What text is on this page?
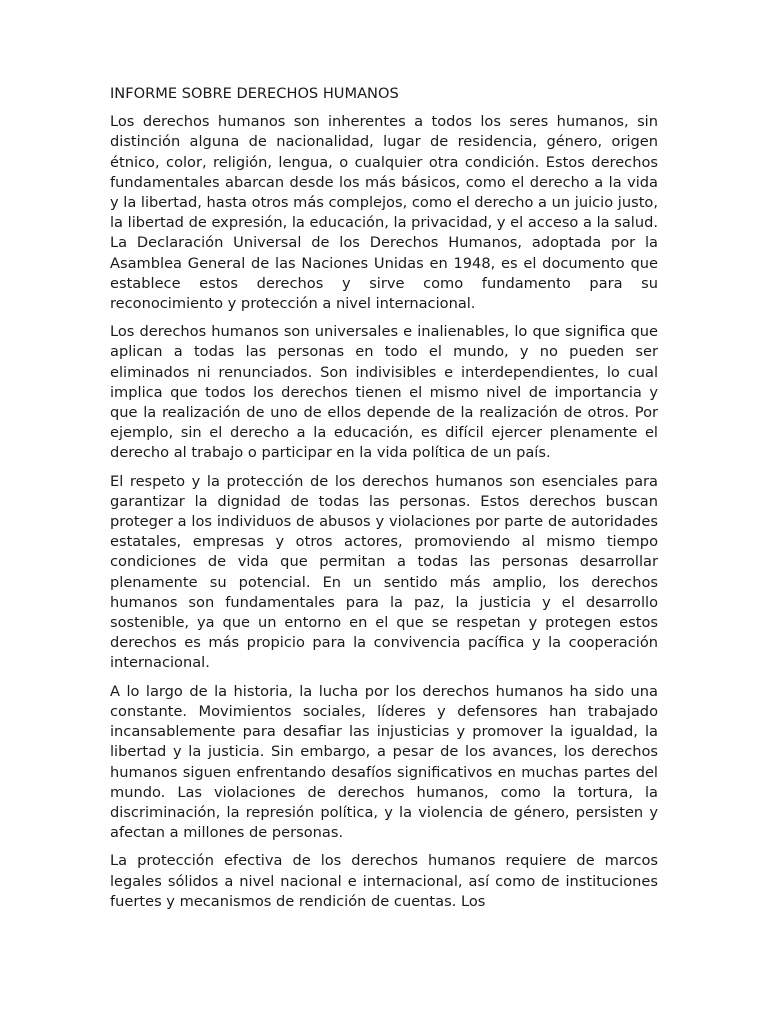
INFORME SOBRE DERECHOS HUMANOS

Los derechos humanos son inherentes a todos los seres humanos, sin distinción alguna de nacionalidad, lugar de residencia, género, origen étnico, color, religión, lengua, o cualquier otra condición. Estos derechos fundamentales abarcan desde los más básicos, como el derecho a la vida y la libertad, hasta otros más complejos, como el derecho a un juicio justo, la libertad de expresión, la educación, la privacidad, y el acceso a la salud. La Declaración Universal de los Derechos Humanos, adoptada por la Asamblea General de las Naciones Unidas en 1948, es el documento que establece estos derechos y sirve como fundamento para su reconocimiento y protección a nivel internacional.

Los derechos humanos son universales e inalienables, lo que significa que aplican a todas las personas en todo el mundo, y no pueden ser eliminados ni renunciados. Son indivisibles e interdependientes, lo cual implica que todos los derechos tienen el mismo nivel de importancia y que la realización de uno de ellos depende de la realización de otros. Por ejemplo, sin el derecho a la educación, es difícil ejercer plenamente el derecho al trabajo o participar en la vida política de un país.

El respeto y la protección de los derechos humanos son esenciales para garantizar la dignidad de todas las personas. Estos derechos buscan proteger a los individuos de abusos y violaciones por parte de autoridades estatales, empresas y otros actores, promoviendo al mismo tiempo condiciones de vida que permitan a todas las personas desarrollar plenamente su potencial. En un sentido más amplio, los derechos humanos son fundamentales para la paz, la justicia y el desarrollo sostenible, ya que un entorno en el que se respetan y protegen estos derechos es más propicio para la convivencia pacífica y la cooperación internacional.

A lo largo de la historia, la lucha por los derechos humanos ha sido una constante. Movimientos sociales, líderes y defensores han trabajado incansablemente para desafiar las injusticias y promover la igualdad, la libertad y la justicia. Sin embargo, a pesar de los avances, los derechos humanos siguen enfrentando desafíos significativos en muchas partes del mundo. Las violaciones de derechos humanos, como la tortura, la discriminación, la represión política, y la violencia de género, persisten y afectan a millones de personas.

La protección efectiva de los derechos humanos requiere de marcos legales sólidos a nivel nacional e internacional, así como de instituciones fuertes y mecanismos de rendición de cuentas. Los
